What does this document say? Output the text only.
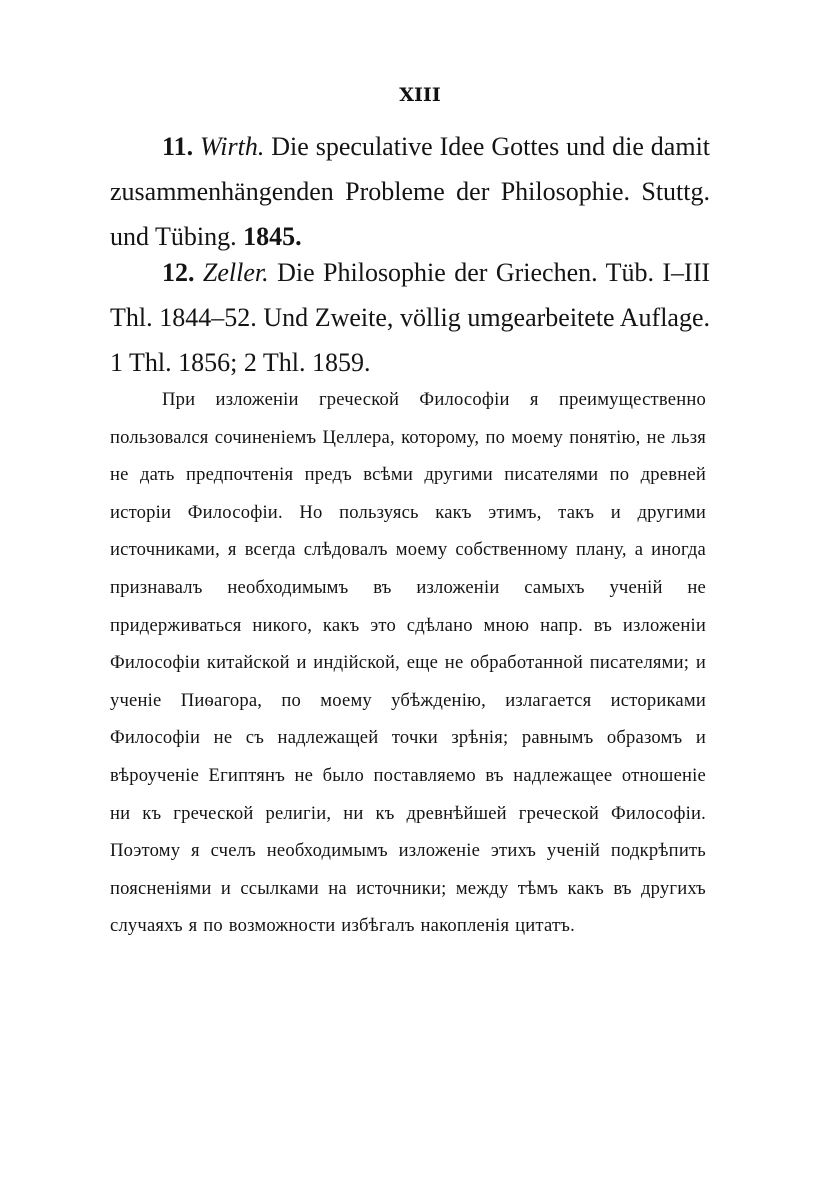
XIII
11. Wirth. Die speculative Idee Gottes und die damit zusammenhängenden Probleme der Philosophie. Stuttg. und Tübing. 1845.
12. Zeller. Die Philosophie der Griechen. Tüb. I–III Thl. 1844–52. Und Zweite, völlig umgearbeitete Auflage. 1 Thl. 1856; 2 Thl. 1859.

При изложенiи греческой Философiи я преимущественно пользовался сочиненiемъ Целлера, которому, по моему понятiю, не льзя не дать предпочтенiя предъ всѣми другими писателями по древней исторiи Философiи. Но пользуясь какъ этимъ, такъ и другими источниками, я всегда слѣдовалъ моему собственному плану, а иногда признавалъ необходимымъ въ изложенiи самыхъ ученiй не придерживаться никого, какъ это сдѣлано мною напр. въ изложенiи Философiи китайской и индiйской, еще не обработанной писателями; и ученiе Пиѳагора, по моему убѣжденiю, излагается историками Философiи не съ надлежащей точки зрѣнiя; равнымъ образомъ и вѣроученiе Египтянъ не было поставляемо въ надлежащее отношенiе ни къ греческой религiи, ни къ древнѣйшей греческой Философiи. Поэтому я счелъ необходимымъ изложенiе этихъ ученiй подкрѣпить поясненiями и ссылками на источники; между тѣмъ какъ въ другихъ случаяхъ я по возможности избѣгалъ накопленiя цитатъ.
